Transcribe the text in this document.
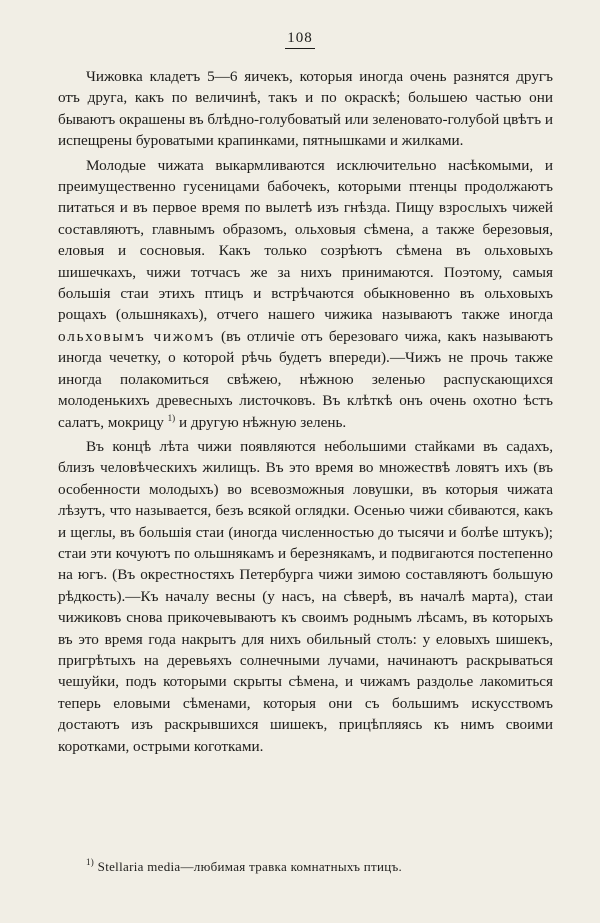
108

Чижовка кладетъ 5—6 яичекъ, которыя иногда очень разнятся другъ отъ друга, какъ по величинѣ, такъ и по окраскѣ; большею частью они бываютъ окрашены въ блѣдно-голубоватый или зеленовато-голубой цвѣтъ и испещрены буроватыми крапинками, пятнышками и жилками.

Молодые чижата выкармливаются исключительно насѣкомыми, и преимущественно гусеницами бабочекъ, которыми птенцы продолжаютъ питаться и въ первое время по вылетѣ изъ гнѣзда. Пищу взрослыхъ чижей составляютъ, главнымъ образомъ, ольховыя сѣмена, а также березовыя, еловыя и сосновыя. Какъ только созрѣютъ сѣмена въ ольховыхъ шишечкахъ, чижи тотчасъ же за нихъ принимаются. Поэтому, самыя большія стаи этихъ птицъ и встрѣчаются обыкновенно въ ольховыхъ рощахъ (ольшнякахъ), отчего нашего чижика называютъ также иногда ольховымъ чижомъ (въ отличіе отъ березоваго чижа, какъ называютъ иногда чечетку, о которой рѣчь будетъ впереди).—Чижъ не прочь также иногда полакомиться свѣжею, нѣжною зеленью распускающихся молоденькихъ древесныхъ листочковъ. Въ клѣткѣ онъ очень охотно ѣстъ салатъ, мокрицу $^{1)}$ и другую нѣжную зелень.

Въ концѣ лѣта чижи появляются небольшими стайками въ садахъ, близъ человѣческихъ жилищъ. Въ это время во множествѣ ловятъ ихъ (въ особенности молодыхъ) во всевозможныя ловушки, въ которыя чижата лѣзутъ, что называется, безъ всякой оглядки. Осенью чижи сбиваются, какъ и щеглы, въ большія стаи (иногда численностью до тысячи и болѣе штукъ); стаи эти кочуютъ по ольшнякамъ и березнякамъ, и подвигаются постепенно на югъ. (Въ окрестностяхъ Петербурга чижи зимою составляютъ большую рѣдкость).—Къ началу весны (у насъ, на сѣверѣ, въ началѣ марта), стаи чижиковъ снова прикочевываютъ къ своимъ роднымъ лѣсамъ, въ которыхъ въ это время года накрытъ для нихъ обильный столъ: у еловыхъ шишекъ, пригрѣтыхъ на деревьяхъ солнечными лучами, начинаютъ раскрываться чешуйки, подъ которыми скрыты сѣмена, и чижамъ раздолье лакомиться теперь еловыми сѣменами, которыя они съ большимъ искусствомъ достаютъ изъ раскрывшихся шишекъ, прицѣпляясь къ нимъ своими коротками, острыми коготками.

$^{1)}$ Stellaria media—любимая травка комнатныхъ птицъ.
